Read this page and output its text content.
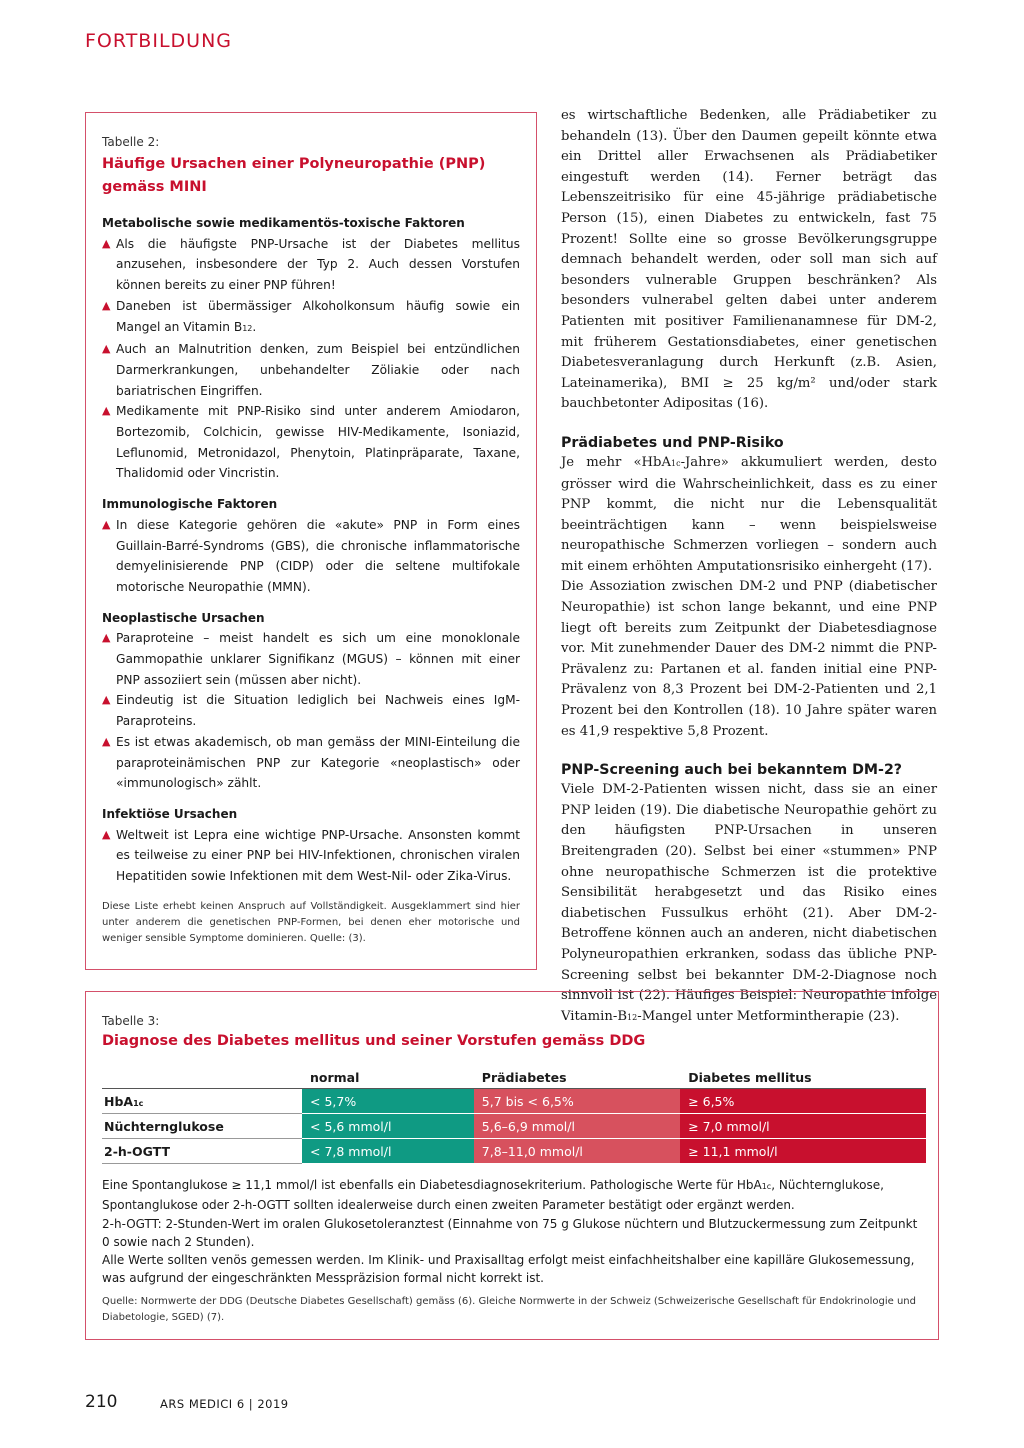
FORTBILDUNG
Tabelle 2:
Häufige Ursachen einer Polyneuropathie (PNP)
gemäss MINI
Metabolische sowie medikamentös-toxische Faktoren
▲ Als die häufigste PNP-Ursache ist der Diabetes mellitus anzusehen, insbesondere der Typ 2. Auch dessen Vorstufen können bereits zu einer PNP führen!
▲ Daneben ist übermässiger Alkoholkonsum häufig sowie ein Mangel an Vitamin B12.
▲ Auch an Malnutrition denken, zum Beispiel bei entzündlichen Darmerkrankungen, unbehandelter Zöliakie oder nach bariatrischen Eingriffen.
▲ Medikamente mit PNP-Risiko sind unter anderem Amiodaron, Bortezomib, Colchicin, gewisse HIV-Medikamente, Isoniazid, Leflunomid, Metronidazol, Phenytoin, Platinpräparate, Taxane, Thalidomid oder Vincristin.
Immunologische Faktoren
▲ In diese Kategorie gehören die «akute» PNP in Form eines Guillain-Barré-Syndroms (GBS), die chronische inflammatorische demyelinisierende PNP (CIDP) oder die seltene multifokale motorische Neuropathie (MMN).
Neoplastische Ursachen
▲ Paraproteine – meist handelt es sich um eine monoklonale Gammopathie unklarer Signifikanz (MGUS) – können mit einer PNP assoziiert sein (müssen aber nicht).
▲ Eindeutig ist die Situation lediglich bei Nachweis eines IgM-Paraproteins.
▲ Es ist etwas akademisch, ob man gemäss der MINI-Einteilung die paraproteinämischen PNP zur Kategorie «neoplastisch» oder «immunologisch» zählt.
Infektiöse Ursachen
▲ Weltweit ist Lepra eine wichtige PNP-Ursache. Ansonsten kommt es teilweise zu einer PNP bei HIV-Infektionen, chronischen viralen Hepatitiden sowie Infektionen mit dem West-Nil- oder Zika-Virus.
Diese Liste erhebt keinen Anspruch auf Vollständigkeit. Ausgeklammert sind hier unter anderem die genetischen PNP-Formen, bei denen eher motorische und weniger sensible Symptome dominieren. Quelle: (3).

es wirtschaftliche Bedenken, alle Prädiabetiker zu behandeln (13). Über den Daumen gepeilt könnte etwa ein Drittel aller Erwachsenen als Prädiabetiker eingestuft werden (14). Ferner beträgt das Lebenszeitrisiko für eine 45-jährige prädiabetische Person (15), einen Diabetes zu entwickeln, fast 75 Prozent! Sollte eine so grosse Bevölkerungsgruppe demnach behandelt werden, oder soll man sich auf besonders vulnerable Gruppen beschränken? Als besonders vulnerabel gelten dabei unter anderem Patienten mit positiver Familienanamnese für DM-2, mit früherem Gestationsdiabetes, einer genetischen Diabetesveranlagung durch Herkunft (z.B. Asien, Lateinamerika), BMI ≥ 25 kg/m² und/oder stark bauchbetonter Adipositas (16).

Prädiabetes und PNP-Risiko

Je mehr «HbA1c-Jahre» akkumuliert werden, desto grösser wird die Wahrscheinlichkeit, dass es zu einer PNP kommt, die nicht nur die Lebensqualität beeinträchtigen kann – wenn beispielsweise neuropathische Schmerzen vorliegen – sondern auch mit einem erhöhten Amputationsrisiko einhergeht (17).

Die Assoziation zwischen DM-2 und PNP (diabetischer Neuropathie) ist schon lange bekannt, und eine PNP liegt oft bereits zum Zeitpunkt der Diabetesdiagnose vor. Mit zunehmender Dauer des DM-2 nimmt die PNP-Prävalenz zu: Partanen et al. fanden initial eine PNP-Prävalenz von 8,3 Prozent bei DM-2-Patienten und 2,1 Prozent bei den Kontrollen (18). 10 Jahre später waren es 41,9 respektive 5,8 Prozent.

PNP-Screening auch bei bekanntem DM-2?

Viele DM-2-Patienten wissen nicht, dass sie an einer PNP leiden (19). Die diabetische Neuropathie gehört zu den häufigsten PNP-Ursachen in unseren Breitengraden (20). Selbst bei einer «stummen» PNP ohne neuropathische Schmerzen ist die protektive Sensibilität herabgesetzt und das Risiko eines diabetischen Fussulkus erhöht (21). Aber DM-2-Betroffene können auch an anderen, nicht diabetischen Polyneuropathien erkranken, sodass das übliche PNP-Screening selbst bei bekannter DM-2-Diagnose noch sinnvoll ist (22). Häufiges Beispiel: Neuropathie infolge Vitamin-B12-Mangel unter Metformintherapie (23).

Tabelle 3:
Diagnose des Diabetes mellitus und seiner Vorstufen gemäss DDG
	normal	Prädiabetes	Diabetes mellitus
HbA1c	< 5,7%	5,7 bis < 6,5%	≥ 6,5%
Nüchternglukose	< 5,6 mmol/l	5,6–6,9 mmol/l	≥ 7,0 mmol/l
2-h-OGTT	< 7,8 mmol/l	7,8–11,0 mmol/l	≥ 11,1 mmol/l
Eine Spontanglukose ≥ 11,1 mmol/l ist ebenfalls ein Diabetesdiagnosekriterium. Pathologische Werte für HbA1c, Nüchternglukose, Spontanglukose oder 2-h-OGTT sollten idealerweise durch einen zweiten Parameter bestätigt oder ergänzt werden.
2-h-OGTT: 2-Stunden-Wert im oralen Glukosetoleranztest (Einnahme von 75 g Glukose nüchtern und Blutzuckermessung zum Zeitpunkt 0 sowie nach 2 Stunden).
Alle Werte sollten venös gemessen werden. Im Klinik- und Praxisalltag erfolgt meist einfachheitshalber eine kapilläre Glukosemessung, was aufgrund der eingeschränkten Messpräzision formal nicht korrekt ist.
Quelle: Normwerte der DDG (Deutsche Diabetes Gesellschaft) gemäss (6). Gleiche Normwerte in der Schweiz (Schweizerische Gesellschaft für Endokrinologie und Diabetologie, SGED) (7).
210	ARS MEDICI 6 | 2019
